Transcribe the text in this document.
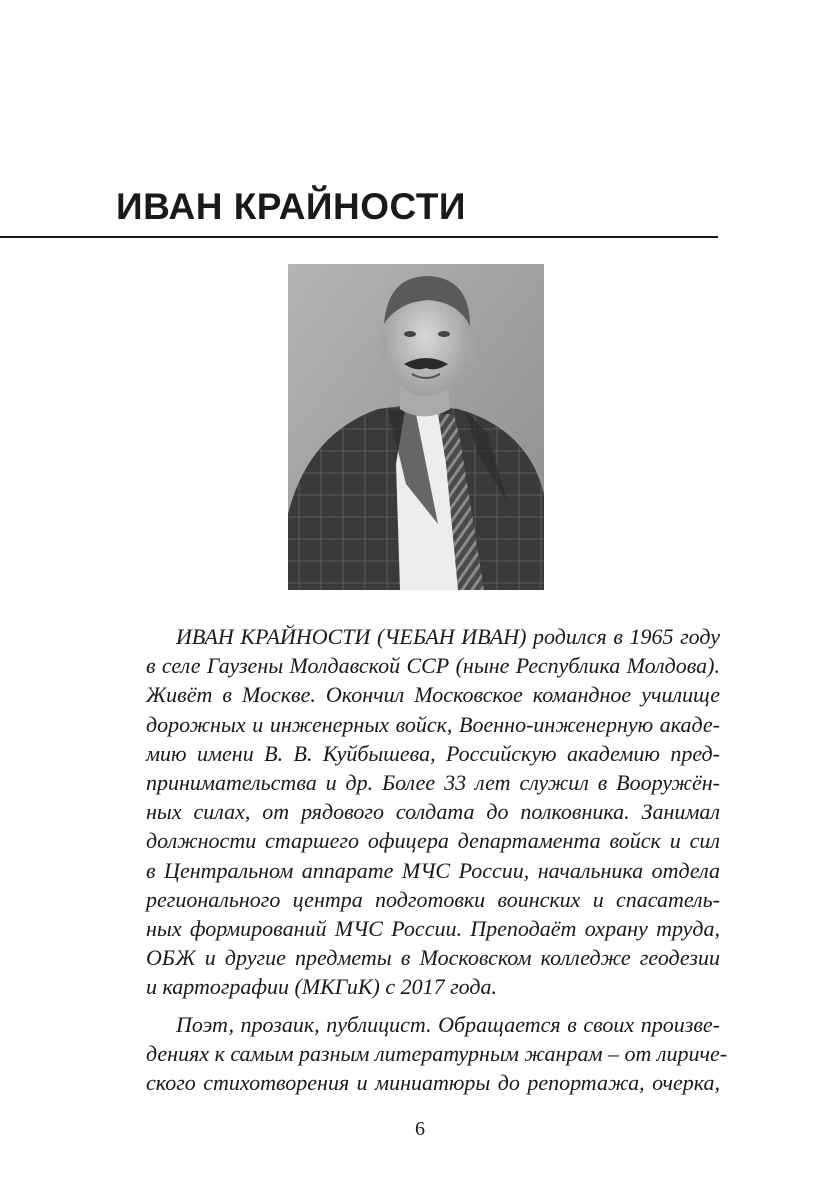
ИВАН КРАЙНОСТИ

ИВАН КРАЙНОСТИ (ЧЕБАН ИВАН) родился в 1965 году
в селе Гаузены Молдавской ССР (ныне Республика Молдова).
Живёт в Москве. Окончил Московское командное училище
дорожных и инженерных войск, Военно-инженерную акаде-
мию имени В. В. Куйбышева, Российскую академию пред-
принимательства и др. Более 33 лет служил в Вооружён-
ных силах, от рядового солдата до полковника. Занимал
должности старшего офицера департамента войск и сил
в Центральном аппарате МЧС России, начальника отдела
регионального центра подготовки воинских и спасатель-
ных формирований МЧС России. Преподаёт охрану труда,
ОБЖ и другие предметы в Московском колледже геодезии
и картографии (МКГиК) с 2017 года.

Поэт, прозаик, публицист. Обращается в своих произве-
дениях к самым разным литературным жанрам – от лириче-
ского стихотворения и миниатюры до репортажа, очерка,

6
